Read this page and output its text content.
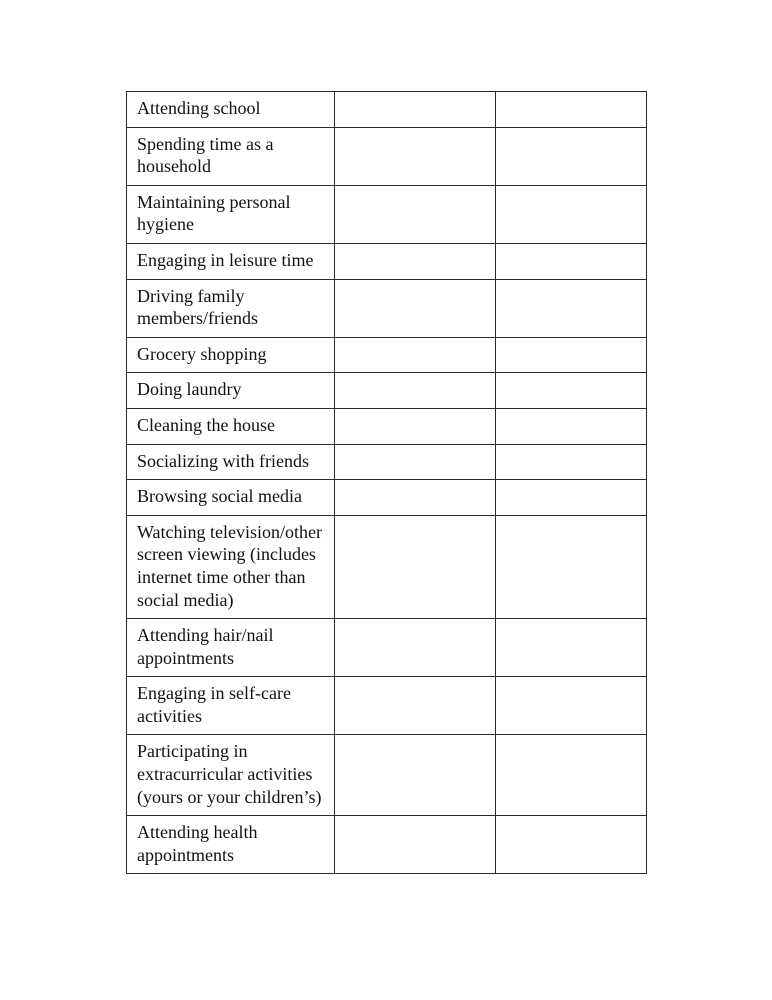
Attending school		
Spending time as a household		
Maintaining personal hygiene		
Engaging in leisure time		
Driving family members/friends		
Grocery shopping		
Doing laundry		
Cleaning the house		
Socializing with friends		
Browsing social media		
Watching television/other screen viewing (includes internet time other than social media)		
Attending hair/nail appointments		
Engaging in self-care activities		
Participating in extracurricular activities (yours or your children’s)		
Attending health appointments		
